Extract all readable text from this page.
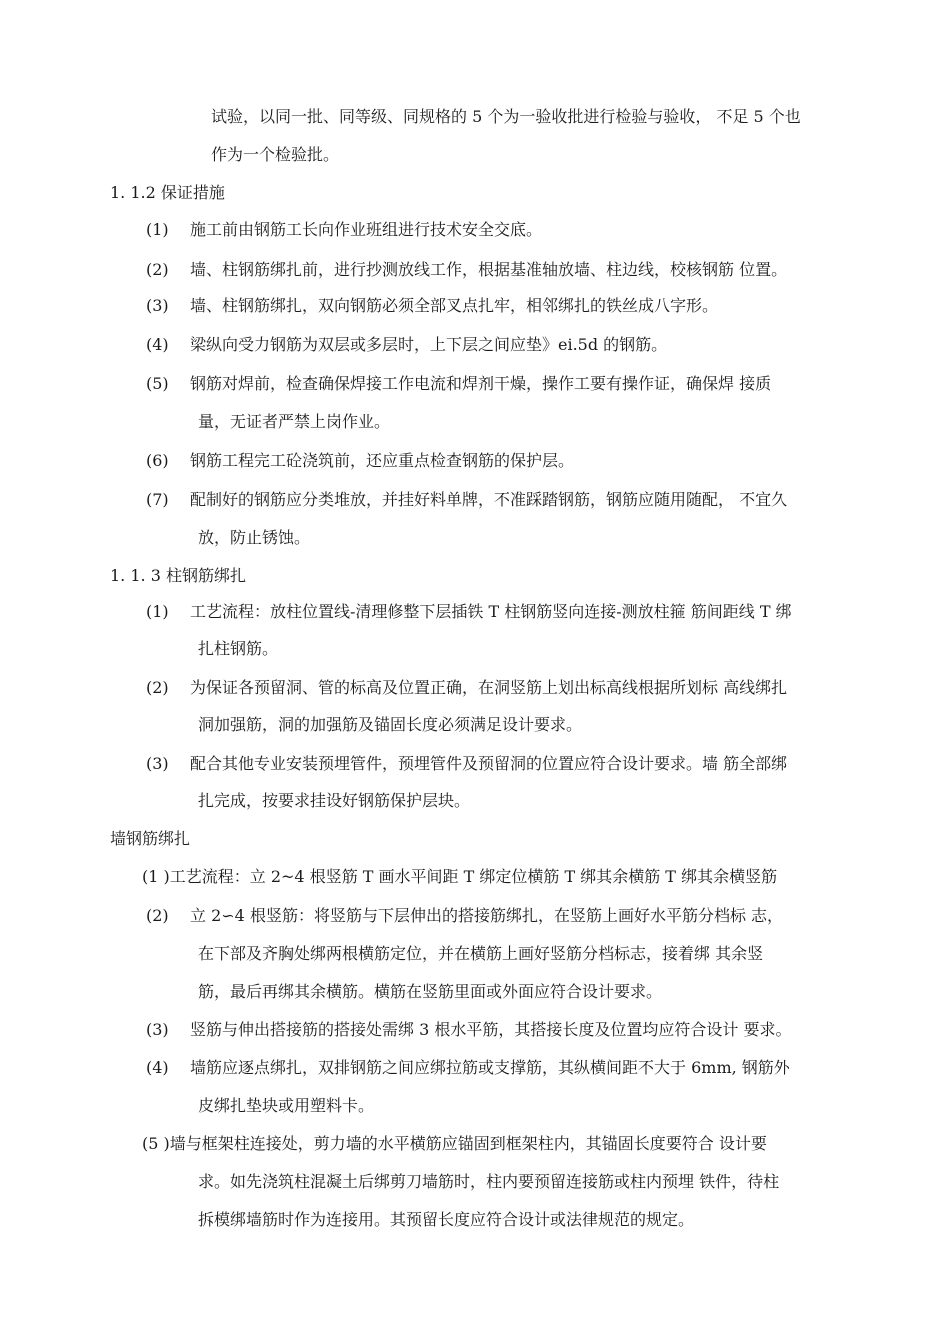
试验，以同一批、同等级、同规格的 5 个为一验收批进行检验与验收， 不足 5 个也
作为一个检验批。
1. 1.2 保证措施
(1) 施工前由钢筋工长向作业班组进行技术安全交底。
(2) 墙、柱钢筋绑扎前，进行抄测放线工作，根据基准轴放墙、柱边线，校核钢筋 位置。
(3) 墙、柱钢筋绑扎，双向钢筋必须全部叉点扎牢，相邻绑扎的铁丝成八字形。
(4) 梁纵向受力钢筋为双层或多层时，上下层之间应垫》ei.5d 的钢筋。
(5) 钢筋对焊前，检查确保焊接工作电流和焊剂干燥，操作工要有操作证，确保焊 接质
量，无证者严禁上岗作业。
(6) 钢筋工程完工砼浇筑前，还应重点检查钢筋的保护层。
(7) 配制好的钢筋应分类堆放，并挂好料单牌，不准踩踏钢筋，钢筋应随用随配， 不宜久
放，防止锈蚀。
1. 1. 3 柱钢筋绑扎
(1) 工艺流程：放柱位置线-清理修整下层插铁 T 柱钢筋竖向连接-测放柱箍 筋间距线 T 绑
扎柱钢筋。
(2) 为保证各预留洞、管的标高及位置正确，在洞竖筋上划出标高线根据所划标 高线绑扎
洞加强筋，洞的加强筋及锚固长度必须满足设计要求。
(3) 配合其他专业安装预埋管件，预埋管件及预留洞的位置应符合设计要求。墙 筋全部绑
扎完成，按要求挂设好钢筋保护层块。
墙钢筋绑扎
(1 )工艺流程：立 2~4 根竖筋 T 画水平间距 T 绑定位横筋 T 绑其余横筋 T 绑其余横竖筋
(2) 立 2∽4 根竖筋：将竖筋与下层伸出的搭接筋绑扎，在竖筋上画好水平筋分档标 志，
在下部及齐胸处绑两根横筋定位，并在横筋上画好竖筋分档标志，接着绑 其余竖
筋，最后再绑其余横筋。横筋在竖筋里面或外面应符合设计要求。
(3) 竖筋与伸出搭接筋的搭接处需绑 3 根水平筋，其搭接长度及位置均应符合设计 要求。
(4) 墙筋应逐点绑扎，双排钢筋之间应绑拉筋或支撑筋，其纵横间距不大于 6mm, 钢筋外
皮绑扎垫块或用塑料卡。
(5 )墙与框架柱连接处，剪力墙的水平横筋应锚固到框架柱内，其锚固长度要符合 设计要
求。如先浇筑柱混凝土后绑剪刀墙筋时，柱内要预留连接筋或柱内预埋 铁件，待柱
拆模绑墙筋时作为连接用。其预留长度应符合设计或法律规范的规定。
